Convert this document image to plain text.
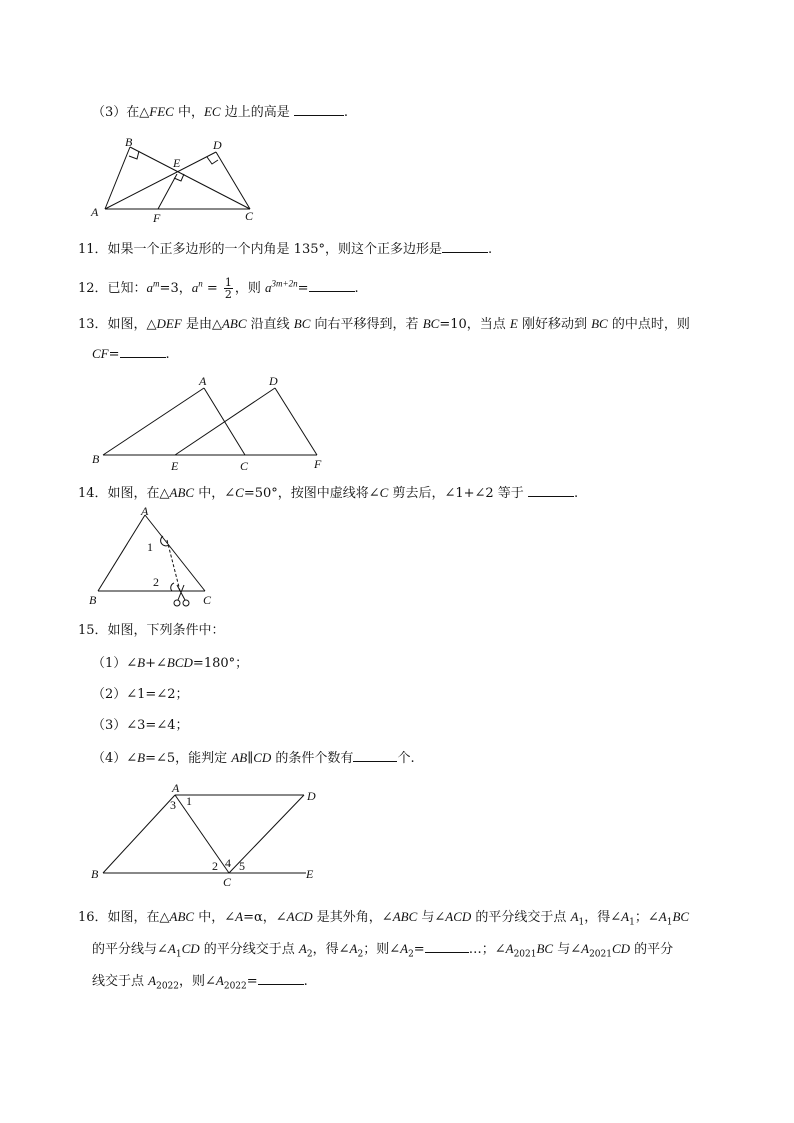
（3）在△FEC 中，EC 边上的高是	.
B
E
D
A	F	C
11．如果一个正多边形的一个内角是 135°，则这个正多边形是	.
12．已知：$a^m=3$，$a^n = \frac{1}{2}$ ，则 $a^{3m+2n}=$	.
13．如图，△DEF 是由△ABC 沿直线 BC 向右平移得到，若 BC=10，当点 E 刚好移动到 BC 的中点时，则
CF=	.
A	D
B	E	C	F
14．如图，在△ABC 中，∠C=50°，按图中虚线将∠C 剪去后，∠1+∠2 等于	.
A
B	C
1
2
15．如图，下列条件中：
（1）∠B+∠BCD=180°；
（2）∠1=∠2；
（3）∠3=∠4；
（4）∠B=∠5，能判定 AB∥CD 的条件个数有	个.
A
D
B
C
E
3 1
2 4 5
16．如图，在△ABC 中，∠A=α，∠ACD 是其外角，∠ABC 与∠ACD 的平分线交于点 $A_1$，得$\angle A_1$；$\angle A_1BC$
的平分线与$\angle A_1CD$ 的平分线交于点 $A_2$，得$\angle A_2$；则$\angle A_2=$	…；$\angle A_{2021}BC$ 与$\angle A_{2021}CD$ 的平分
线交于点 $A_{2022}$，则$\angle A_{2022}=$	.
